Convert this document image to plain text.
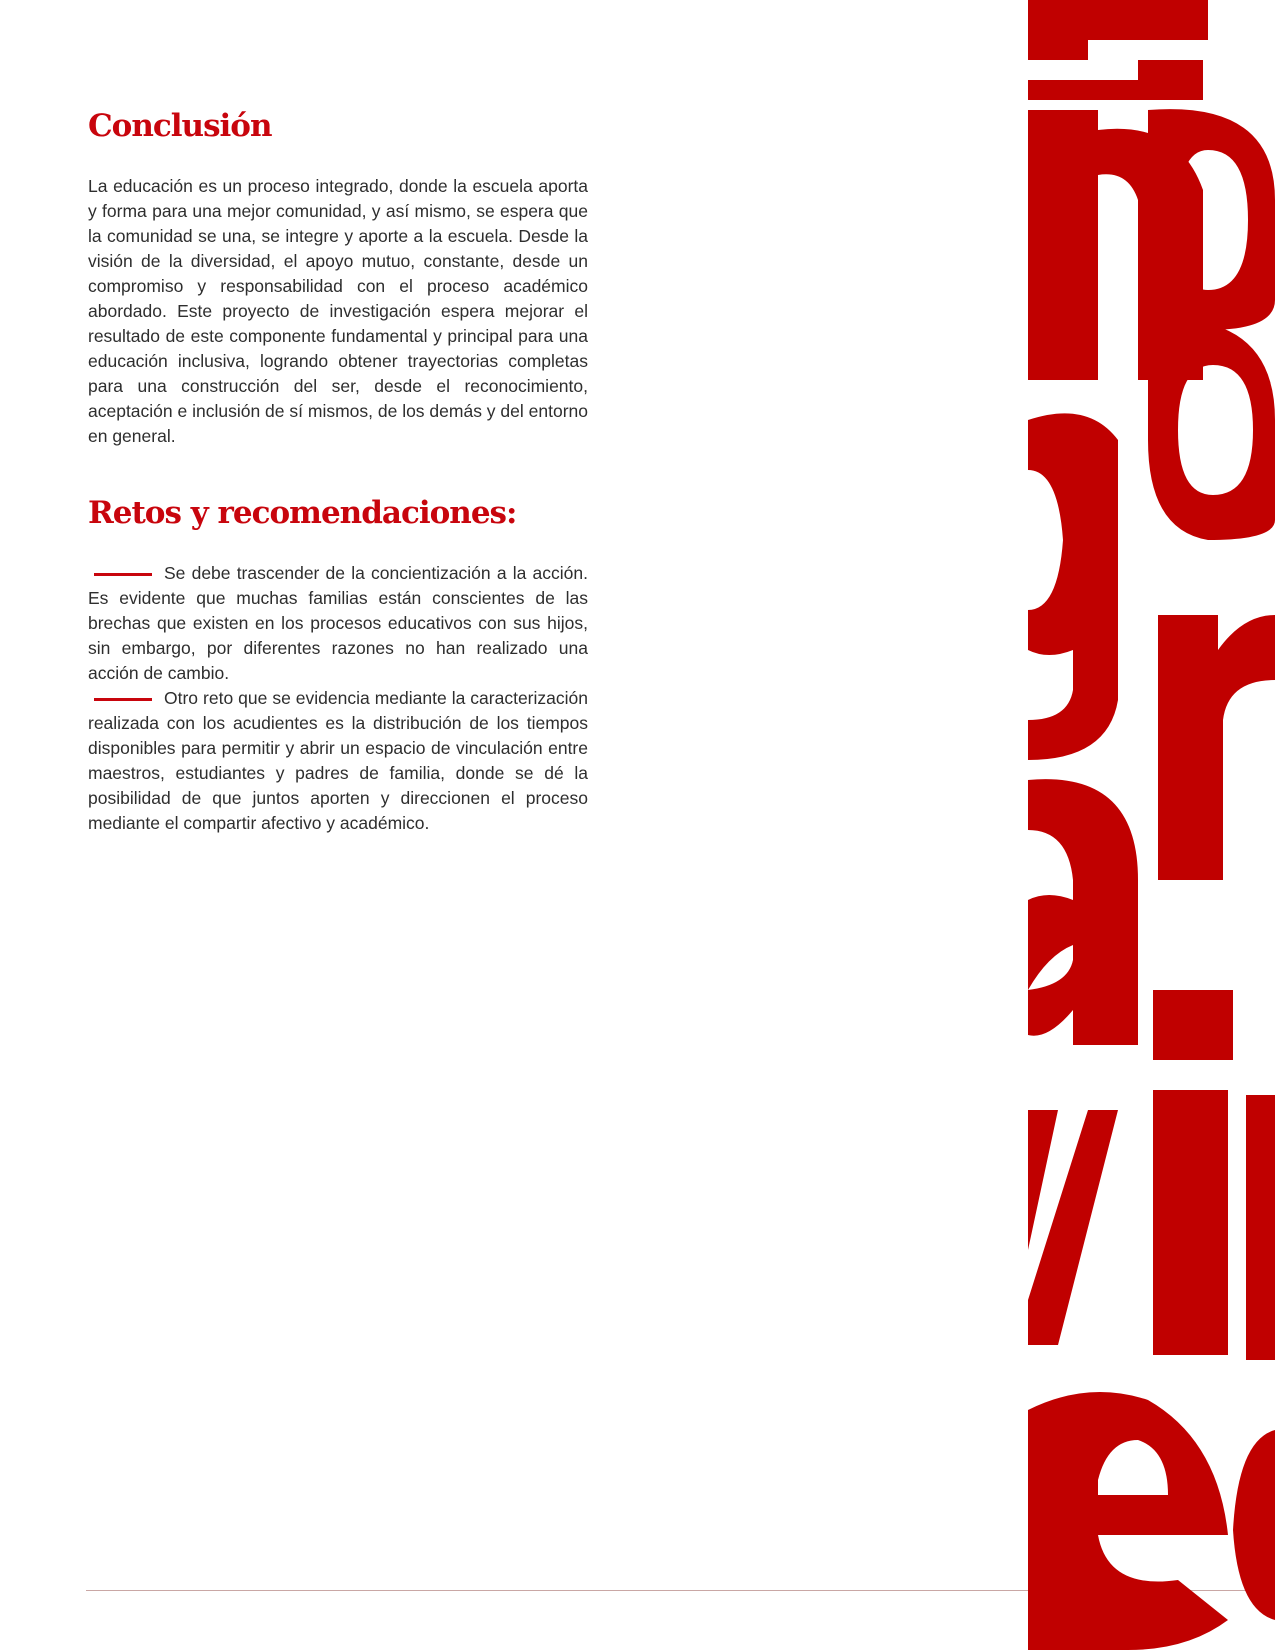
Conclusión

La educación es un proceso integrado, donde la escuela aporta y forma para una mejor comunidad, y así mismo, se espera que la comunidad se una, se integre y aporte a la escuela. Desde la visión de la diversidad, el apoyo mutuo, constante, desde un compromiso y responsabilidad con el proceso académico abordado. Este proyecto de investigación espera mejorar el resultado de este componente fundamental y principal para una educación inclusiva, logrando obtener trayectorias completas para una construcción del ser, desde el reconocimiento, aceptación e inclusión de sí mismos, de los demás y del entorno en general.

Retos y recomendaciones:

Se debe trascender de la concientización a la acción. Es evidente que muchas familias están conscientes de las brechas que existen en los procesos educativos con sus hijos, sin embargo, por diferentes razones no han realizado una acción de cambio.

Otro reto que se evidencia mediante la caracterización realizada con los acudientes es la distribución de los tiempos disponibles para permitir y abrir un espacio de vinculación entre maestros, estudiantes y padres de familia, donde se dé la posibilidad de que juntos aporten y direccionen el proceso mediante el compartir afectivo y académico.
